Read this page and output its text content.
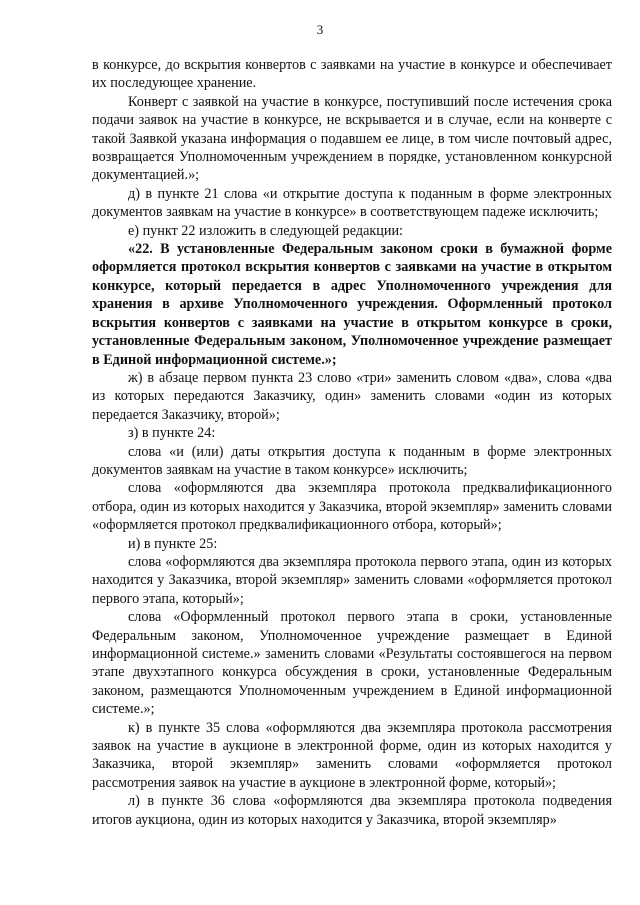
3

в конкурсе, до вскрытия конвертов с заявками на участие в конкурсе и обеспечивает их последующее хранение.

Конверт с заявкой на участие в конкурсе, поступивший после истечения срока подачи заявок на участие в конкурсе, не вскрывается и в случае, если на конверте с такой Заявкой указана информация о подавшем ее лице, в том числе почтовый адрес, возвращается Уполномоченным учреждением в порядке, установленном конкурсной документацией.»;

д) в пункте 21 слова «и открытие доступа к поданным в форме электронных документов заявкам на участие в конкурсе» в соответствующем падеже исключить;

е) пункт 22 изложить в следующей редакции:

«22. В установленные Федеральным законом сроки в бумажной форме оформляется протокол вскрытия конвертов с заявками на участие в открытом конкурсе, который передается в адрес Уполномоченного учреждения для хранения в архиве Уполномоченного учреждения. Оформленный протокол вскрытия конвертов с заявками на участие в открытом конкурсе в сроки, установленные Федеральным законом, Уполномоченное учреждение размещает в Единой информационной системе.»;

ж) в абзаце первом пункта 23 слово «три» заменить словом «два», слова «два из которых передаются Заказчику, один» заменить словами «один из которых передается Заказчику, второй»;

з) в пункте 24:

слова «и (или) даты открытия доступа к поданным в форме электронных документов заявкам на участие в таком конкурсе» исключить;

слова «оформляются два экземпляра протокола предквалификационного отбора, один из которых находится у Заказчика, второй экземпляр» заменить словами «оформляется протокол предквалификационного отбора, который»;

и) в пункте 25:

слова «оформляются два экземпляра протокола первого этапа, один из которых находится у Заказчика, второй экземпляр» заменить словами «оформляется протокол первого этапа, который»;

слова «Оформленный протокол первого этапа в сроки, установленные Федеральным законом, Уполномоченное учреждение размещает в Единой информационной системе.» заменить словами «Результаты состоявшегося на первом этапе двухэтапного конкурса обсуждения в сроки, установленные Федеральным законом, размещаются Уполномоченным учреждением в Единой информационной системе.»;

к) в пункте 35 слова «оформляются два экземпляра протокола рассмотрения заявок на участие в аукционе в электронной форме, один из которых находится у Заказчика, второй экземпляр» заменить словами «оформляется протокол рассмотрения заявок на участие в аукционе в электронной форме, который»;

л) в пункте 36 слова «оформляются два экземпляра протокола подведения итогов аукциона, один из которых находится у Заказчика, второй экземпляр»
